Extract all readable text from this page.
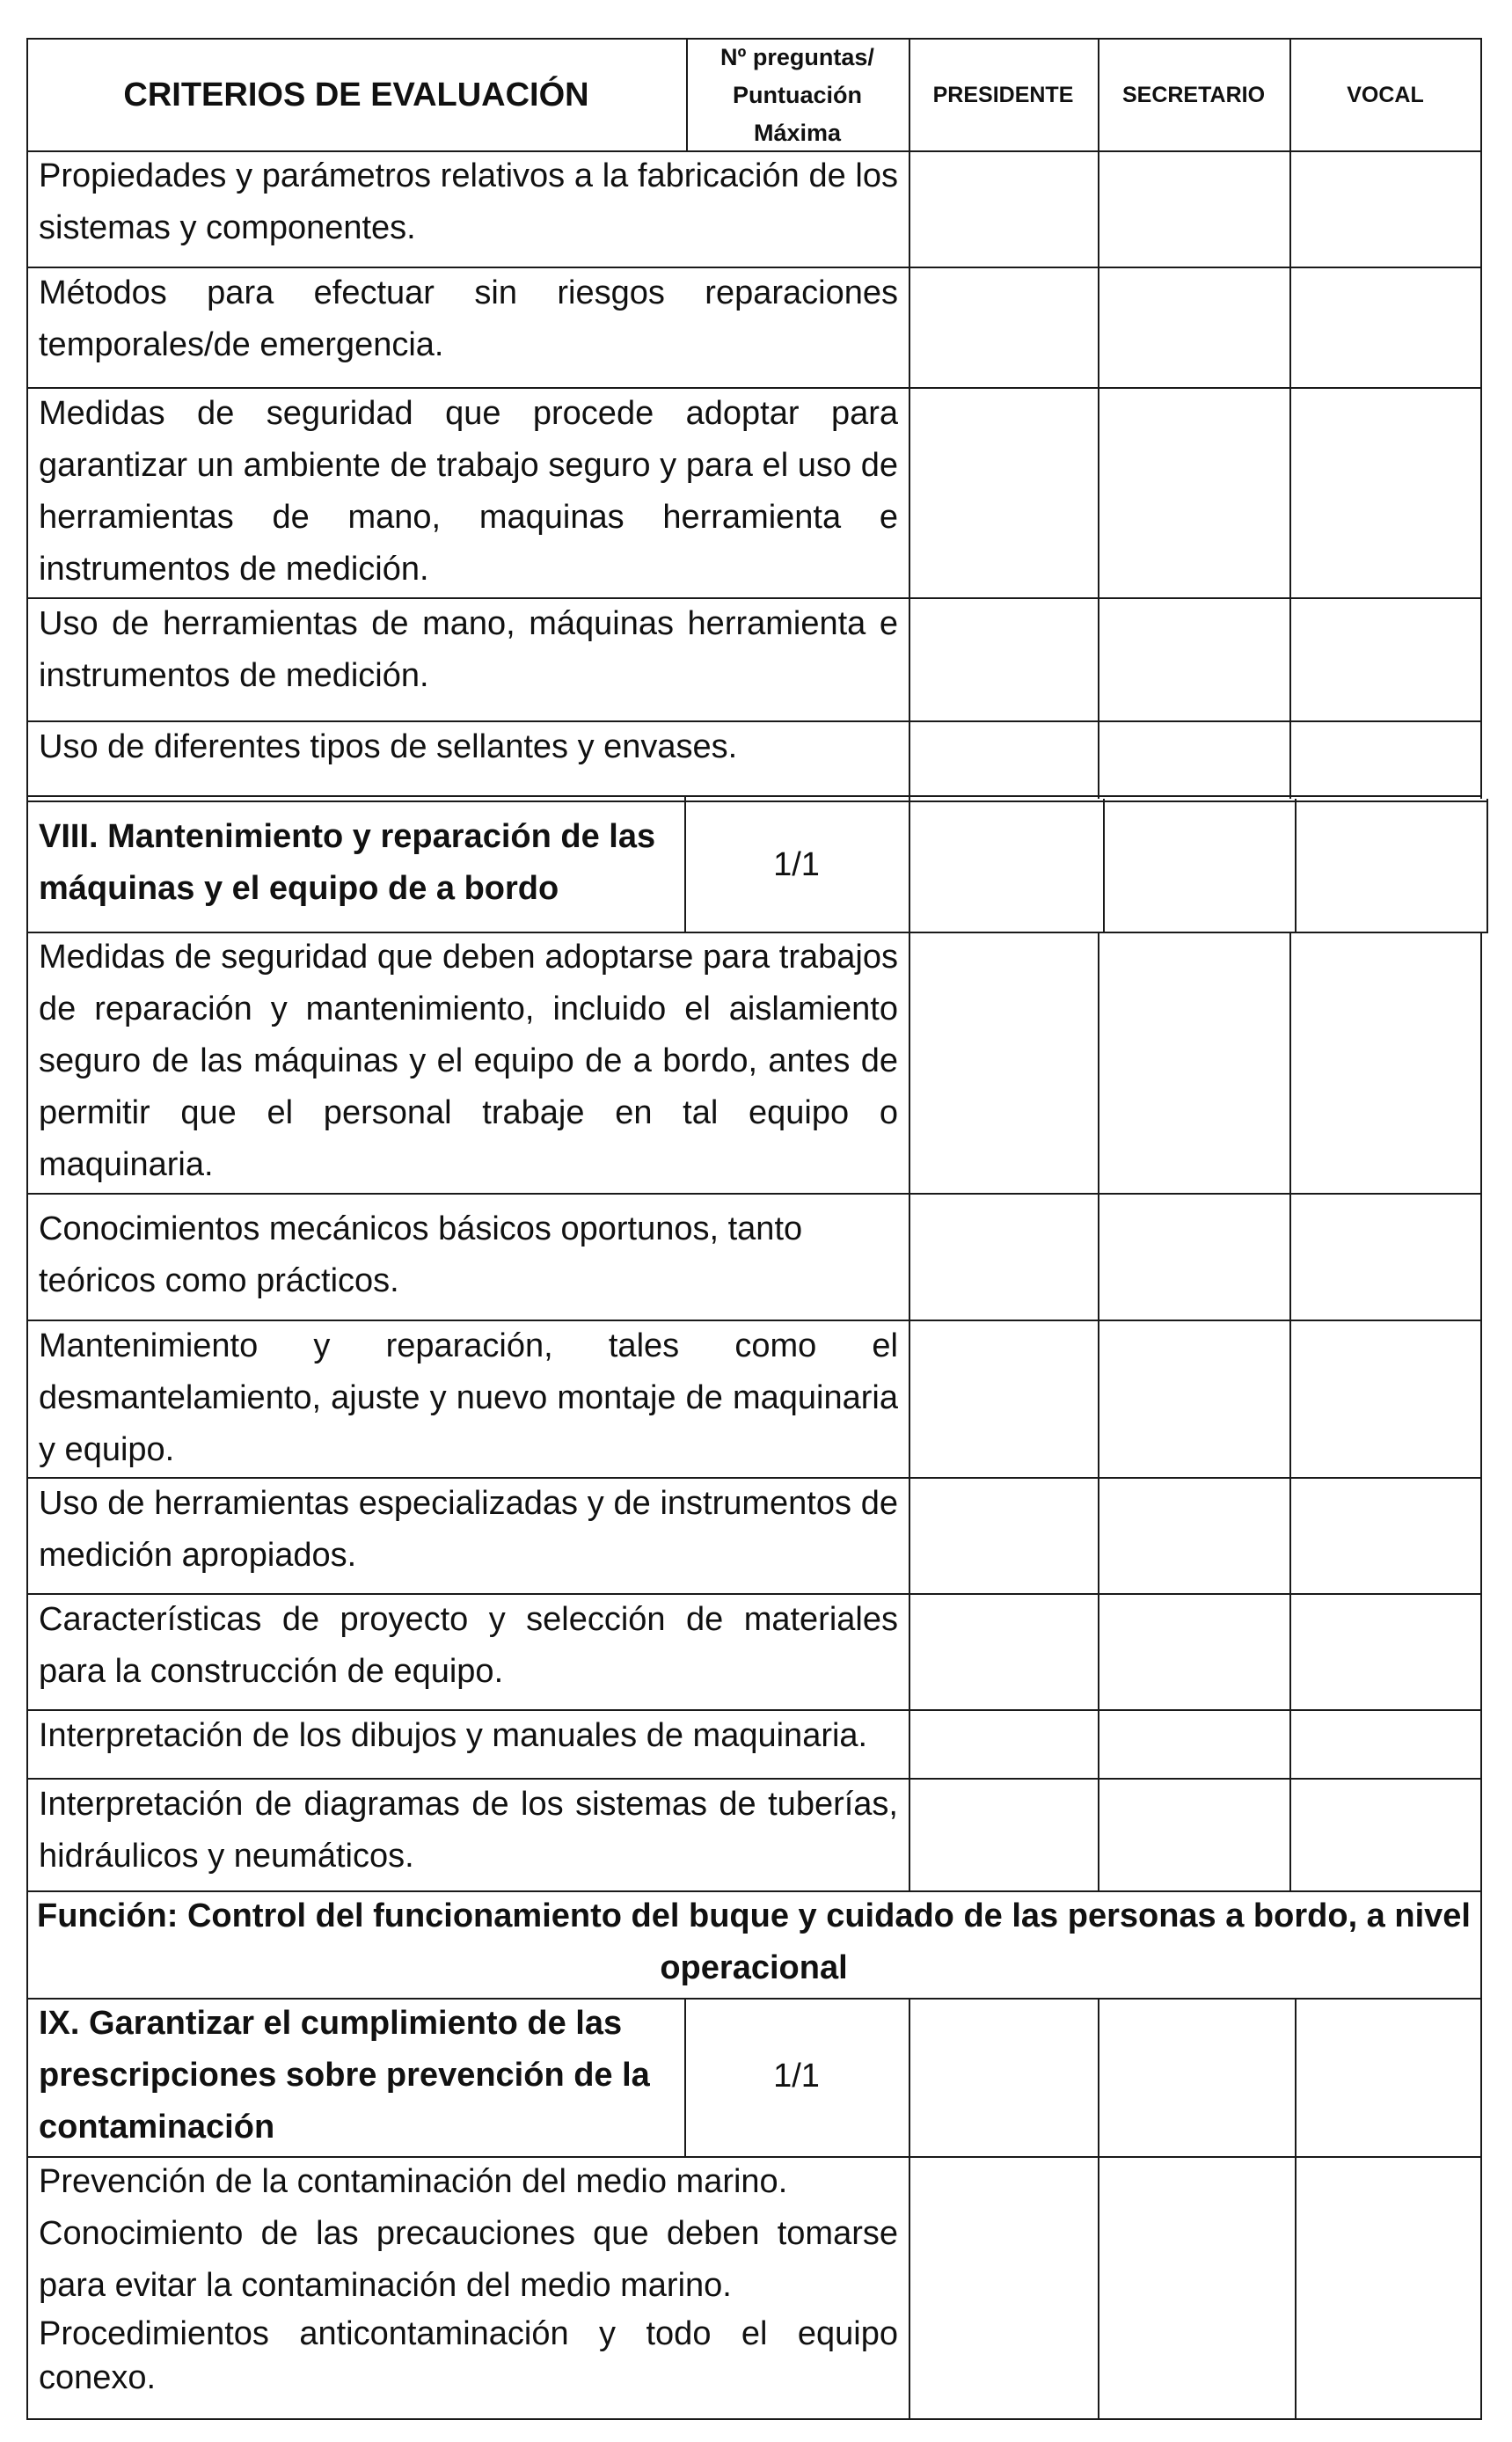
CRITERIOS DE EVALUACIÓN
Nº preguntas/
Puntuación
Máxima
PRESIDENTE SECRETARIO	VOCAL
Propiedades y parámetros relativos a la fabricación de los sistemas y componentes.
Métodos para efectuar sin riesgos reparaciones temporales/de emergencia.
Medidas de seguridad que procede adoptar para garantizar un ambiente de trabajo seguro y para el uso de herramientas de mano, maquinas herramienta e instrumentos de medición.
Uso de herramientas de mano, máquinas herramienta e instrumentos de medición.
Uso de diferentes tipos de sellantes y envases.
VIII. Mantenimiento y reparación de las
máquinas y el equipo de a bordo
1/1
Medidas de seguridad que deben adoptarse para trabajos de reparación y mantenimiento, incluido el aislamiento seguro de las máquinas y el equipo de a bordo, antes de permitir que el personal trabaje en tal equipo o maquinaria.
Conocimientos mecánicos básicos oportunos, tanto teóricos como prácticos.
Mantenimiento y reparación, tales como el desmantelamiento, ajuste y nuevo montaje de maquinaria y equipo.
Uso de herramientas especializadas y de instrumentos de medición apropiados.
Características de proyecto y selección de materiales para la construcción de equipo.
Interpretación de los dibujos y manuales de maquinaria.
Interpretación de diagramas de los sistemas de tuberías, hidráulicos y neumáticos.
Función: Control del funcionamiento del buque y cuidado de las personas a bordo, a nivel
operacional
IX. Garantizar el cumplimiento de las
prescripciones sobre prevención de la
contaminación
1/1
Prevención de la contaminación del medio marino.
Conocimiento de las precauciones que deben tomarse para evitar la contaminación del medio marino.
Procedimientos anticontaminación y todo el equipo conexo.
